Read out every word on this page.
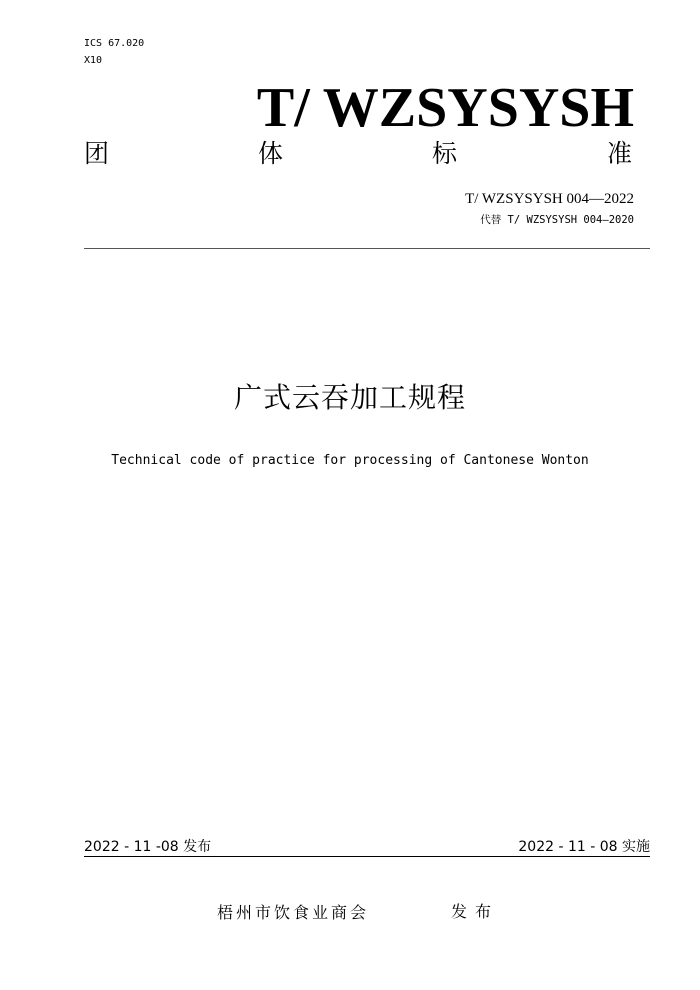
ICS 67.020
X10
T/ WZSYSYSH
团	体	标	准
T/ WZSYSYSH 004—2022
代替 T/ WZSYSYSH 004—2020
广式云吞加工规程
Technical code of practice for processing of Cantonese Wonton
2022 - 11 -08 发布	2022 - 11 - 08 实施
梧州市饮食业商会	发布
